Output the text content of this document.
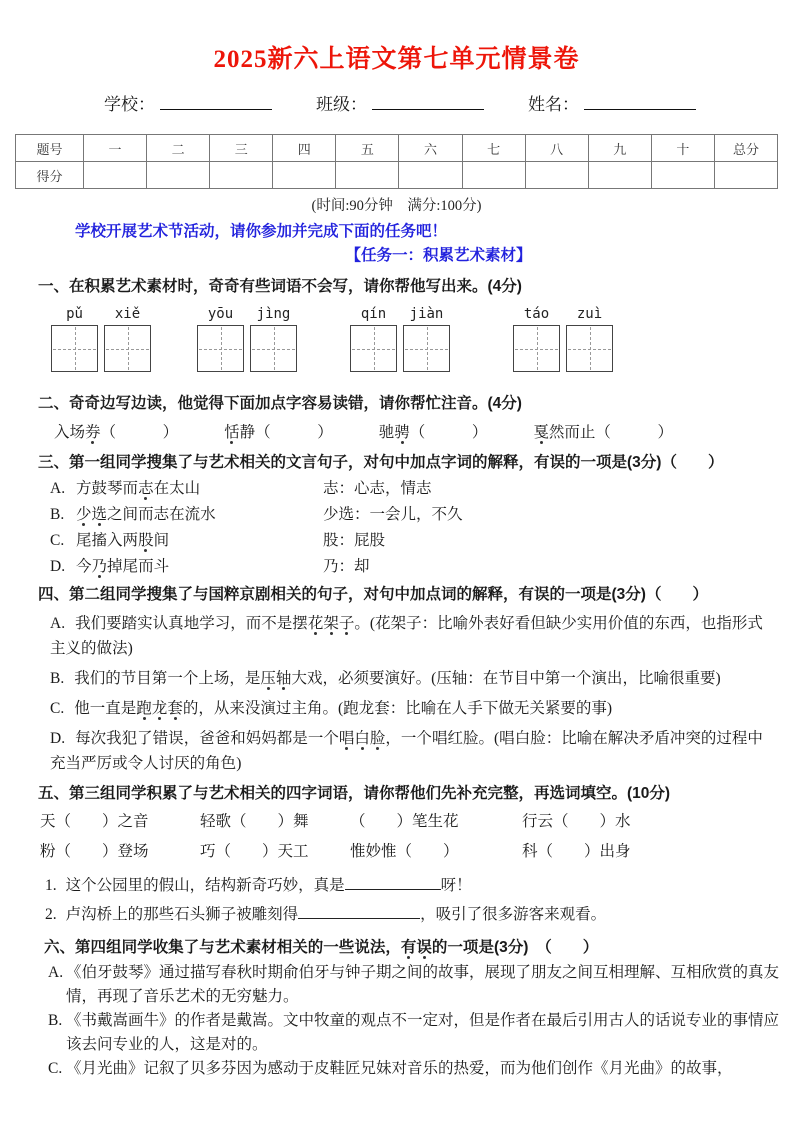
2025新六上语文第七单元情景卷
学校：	班级：	姓名：
题号	一	二	三	四	五	六	七	八	九	十	总分
得分
(时间:90分钟　满分:100分)
学校开展艺术节活动，请你参加并完成下面的任务吧！
【任务一：积累艺术素材】
一、在积累艺术素材时，奇奇有些词语不会写，请你帮他写出来。(4分)
pǔ	xiě	yōu	jìng	qín	jiàn	táo	zuì
二、奇奇边写边读，他觉得下面加点字容易读错，请你帮忙注音。(4分)
入场券（　　　	）	恬静（　　　	）	驰骋（　　　	）	戛然而止（　　　	）
三、第一组同学搜集了与艺术相关的文言句子，对句中加点字词的解释，有误的一项是(3分)（　　）
A. 方鼓琴而志在太山	志：心志，情志
B. 少选之间而志在流水	少选：一会儿，不久
C. 尾搐入两股间	股：屁股
D. 今乃掉尾而斗	乃：却
四、第二组同学搜集了与国粹京剧相关的句子，对句中加点词的解释，有误的一项是(3分)（　　）
A. 我们要踏实认真地学习，而不是摆花架子。(花架子：比喻外表好看但缺少实用价值的东西，也指形式主义的做法)
B. 我们的节目第一个上场，是压轴大戏，必须要演好。(压轴：在节目中第一个演出，比喻很重要)
C. 他一直是跑龙套的，从来没演过主角。(跑龙套：比喻在人手下做无关紧要的事)
D. 每次我犯了错误，爸爸和妈妈都是一个唱白脸，一个唱红脸。(唱白脸：比喻在解决矛盾冲突的过程中充当严厉或令人讨厌的角色)
五、第三组同学积累了与艺术相关的四字词语，请你帮他们先补充完整，再选词填空。(10分)
天（　　）之音	轻歌（　　）舞	（　　）笔生花	行云（　　）水
粉（　　）登场	巧（　　）天工	惟妙惟（　　）	科（　　）出身
1. 这个公园里的假山，结构新奇巧妙，真是	呀！
2. 卢沟桥上的那些石头狮子被雕刻得	，吸引了很多游客来观看。
六、第四组同学收集了与艺术素材相关的一些说法，有误的一项是(3分)　 （　　 ）
A. 《伯牙鼓琴》通过描写春秋时期俞伯牙与钟子期之间的故事，展现了朋友之间互相理解、互相欣赏的真友情，再现了音乐艺术的无穷魅力。
B. 《书戴嵩画牛》的作者是戴嵩。文中牧童的观点不一定对，但是作者在最后引用古人的话说专业的事情应该去问专业的人，这是对的。
C. 《月光曲》记叙了贝多芬因为感动于皮鞋匠兄妹对音乐的热爱，而为他们创作《月光曲》的故事，
